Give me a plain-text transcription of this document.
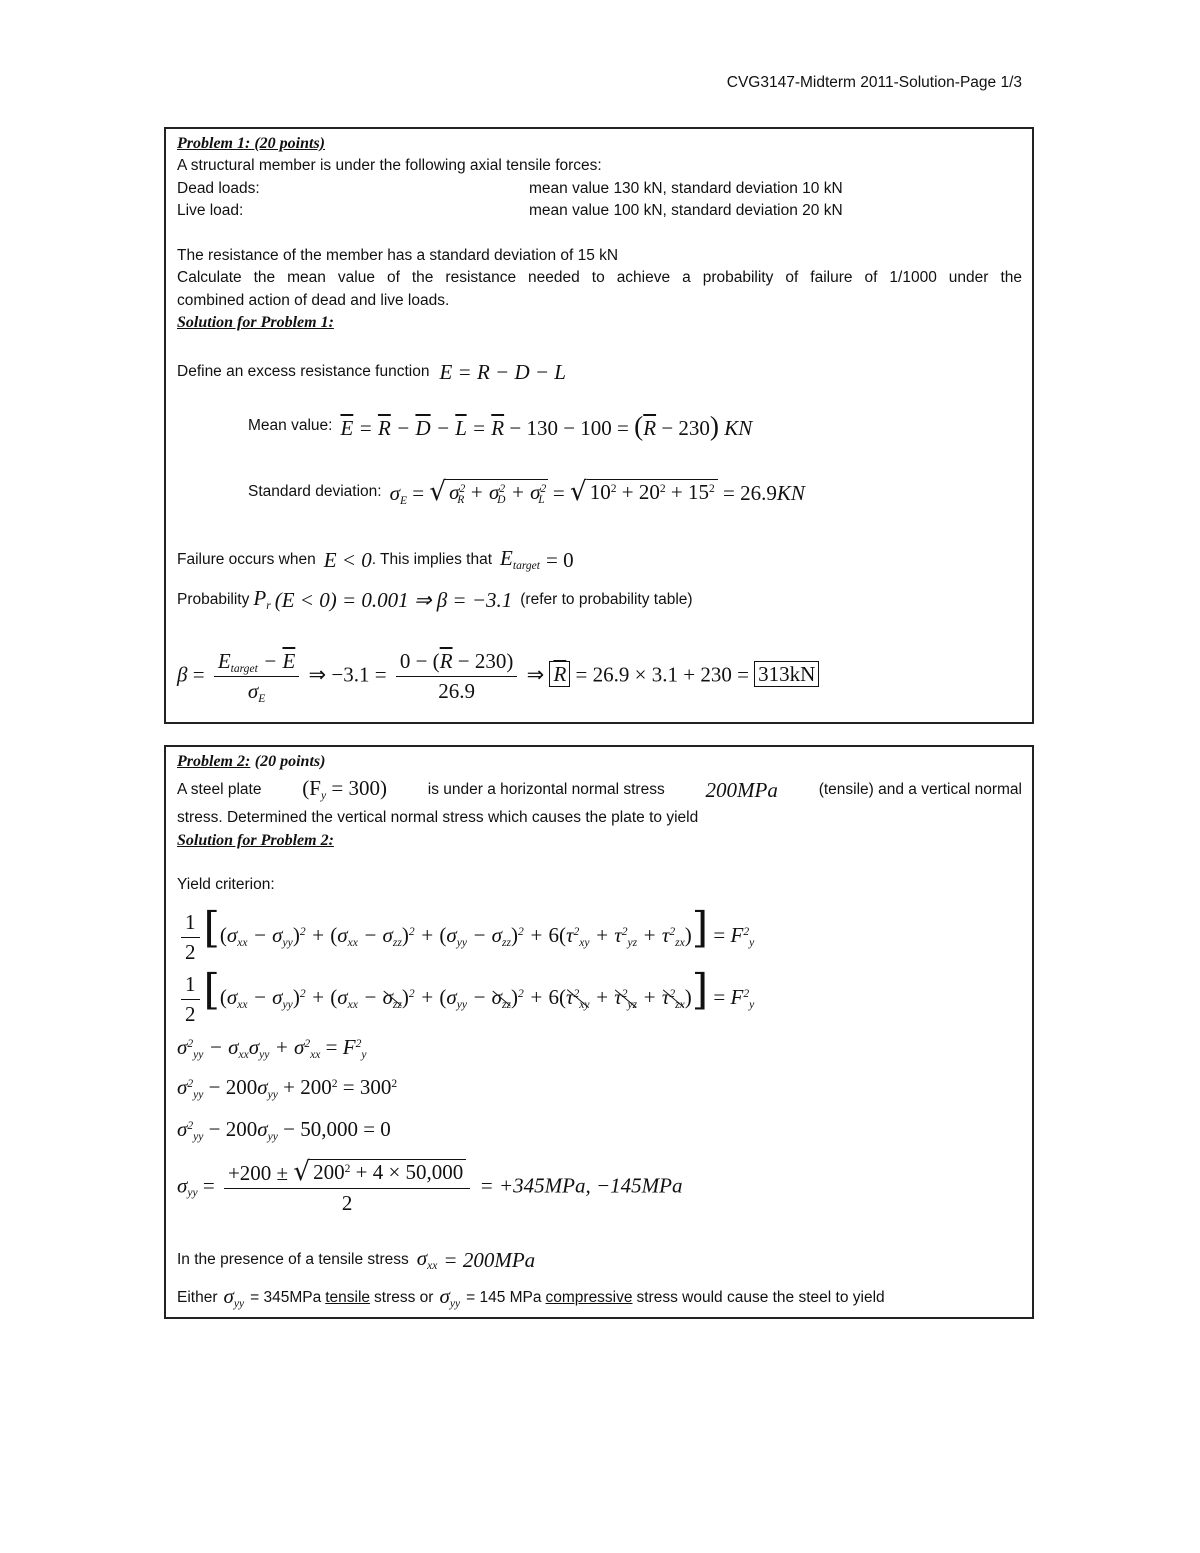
CVG3147-Midterm 2011-Solution-Page 1/3
Problem 1: (20 points)
A structural member is under the following axial tensile forces:
Dead loads:	mean value 130 kN, standard deviation 10 kN
Live load:	mean value 100 kN, standard deviation 20 kN
The resistance of the member has a standard deviation of 15 kN
Calculate the mean value of the resistance needed to achieve a probability of failure of 1/1000 under the
combined action of dead and live loads.
Solution for Problem 1:
Define an excess resistance function E = R − D − L
Mean value: $\overline{E} = \overline{R} - \overline{D} - \overline{L} = \overline{R} - 130 - 100 = (\overline{R} - 230)$ KN
Standard deviation: σE = √ $\sigma^2R + \sigma^2D + \sigma^2L$ = √ $10^2 + 20^2 + 15^2 = 26.9KN$
Failure occurs when E < 0 . This implies that Etarget = 0
Probability Pr (E < 0) = 0.001 ⇒ β = −3.1 (refer to probability table)
$\beta = \frac{Etarget - \overline{E}}{\sigma E}$ ⇒ $-3.1 = \frac{0 - (\overline{R} - 230)}{26.9}$ ⇒ $\overline{R} = 26.9 \times 3.1 + 230 = 313kN$
Problem 2: (20 points)
A steel plate (Fy = 300)	is under a horizontal normal stress 200MPa	(tensile) and a vertical normal
stress. Determined the vertical normal stress which causes the plate to yield
Solution for Problem 2:
Yield criterion:
$\frac{1}{2} [(\sigma xx - \sigma yy)^2 + (\sigma xx - \sigma zz)^2 + (\sigma yy - \sigma zz)^2 + 6(\tau^2xy + \tau^2yz + \tau^2zx)] = F^2y$
$\frac{1}{2} [(\sigma xx - \sigma yy)^2 + (\sigma xx - \sigma zz)^2 + (\sigma yy - \sigma zz)^2 + 6(\tau^2xy + \tau^2yz + \tau^2zx)] = F^2y$
$\sigma^2yy - \sigma xx\sigma yy + \sigma^2xx = F^2y$
$\sigma^2yy - 200\sigma yy + 200^2 = 300^2$
$\sigma^2yy - 200\sigma yy - 50,000 = 0$
$\sigma yy = \frac{+200 \pm √ 200^2 + 4 \times 50,000}{2} = +345MPa$, −145MPa
In the presence of a tensile stress σxx = 200MPa
Either σyy = 345MPa tensile stress or σyy = 145 MPa compressive stress would cause the steel to yield
